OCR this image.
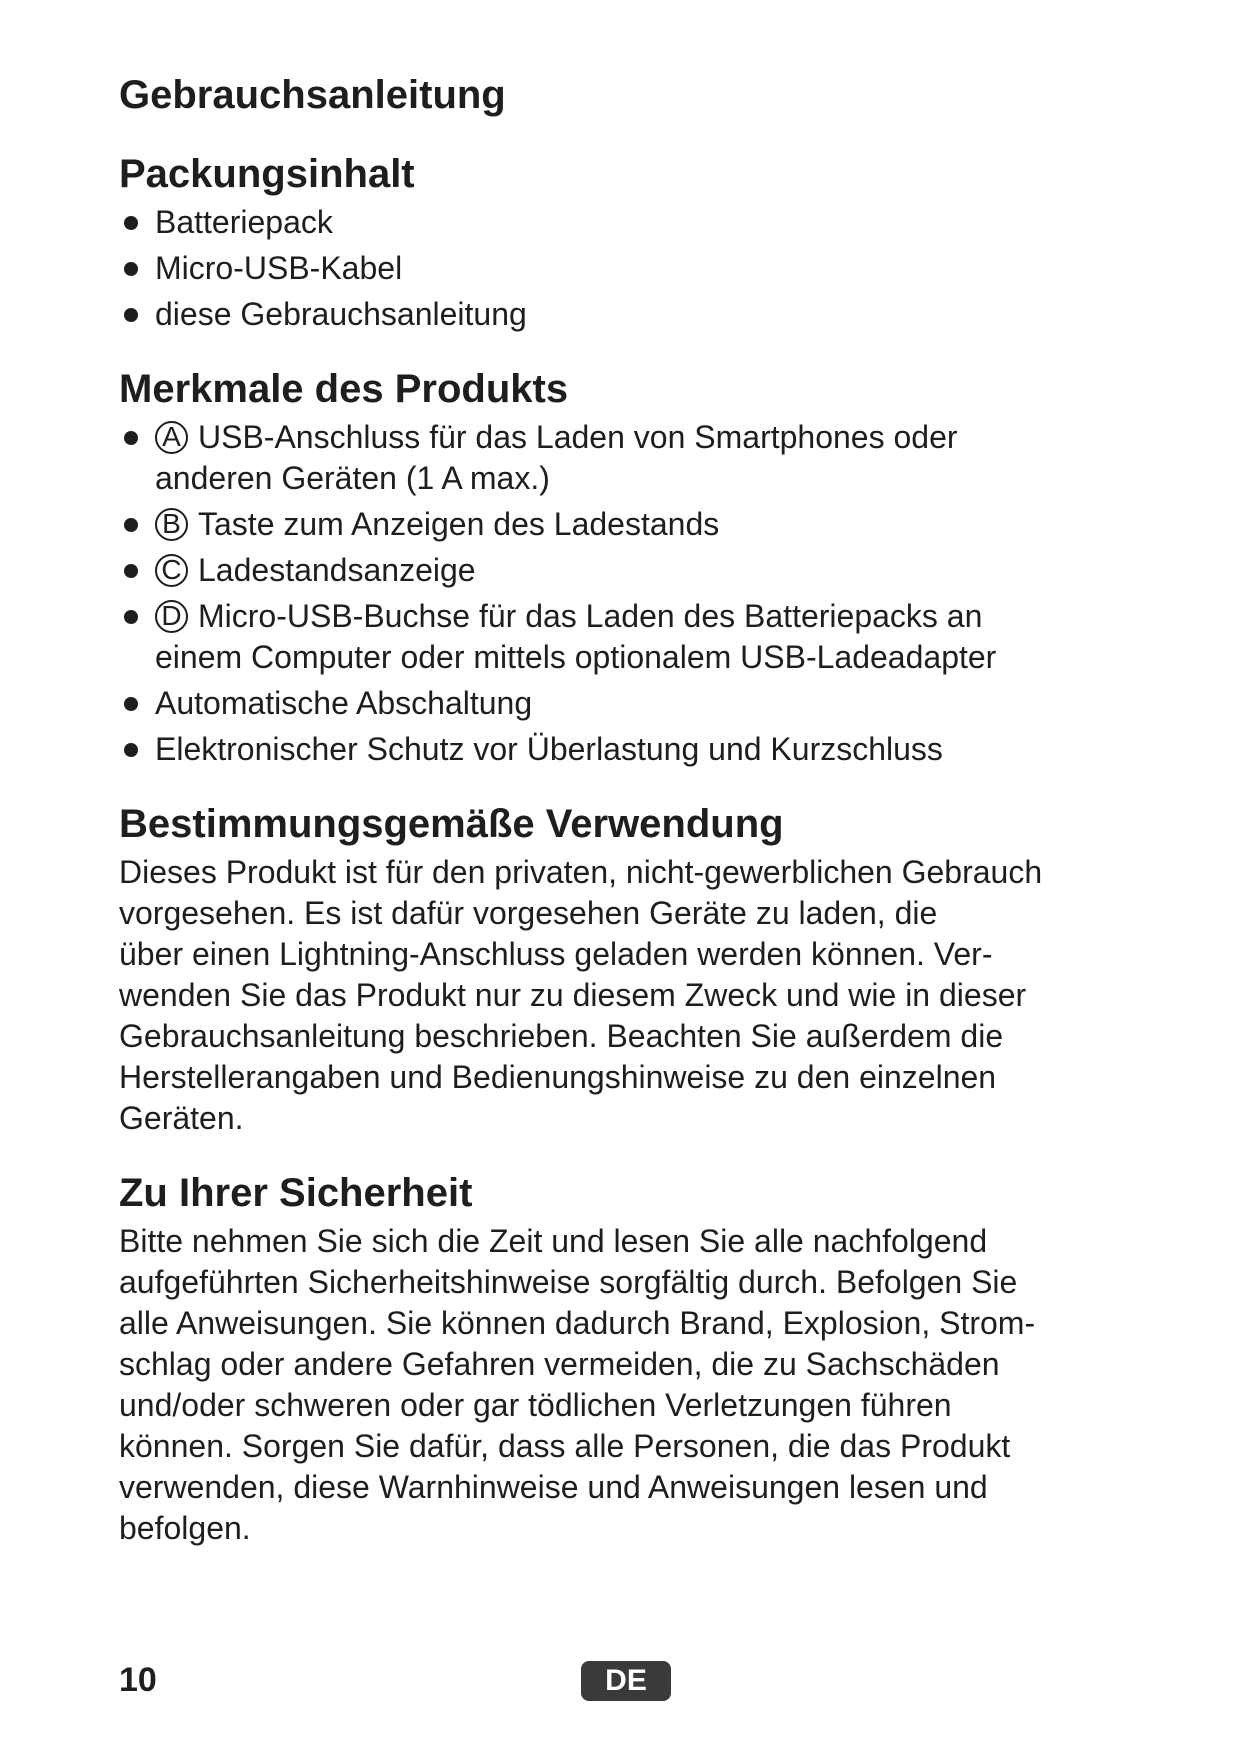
Gebrauchsanleitung
Packungsinhalt
Batteriepack
Micro-USB-Kabel
diese Gebrauchsanleitung
Merkmale des Produkts
A USB-Anschluss für das Laden von Smartphones oder
anderen Geräten (1 A max.)
B Taste zum Anzeigen des Ladestands
C Ladestandsanzeige
D Micro-USB-Buchse für das Laden des Batteriepacks an
einem Computer oder mittels optionalem USB-Ladeadapter
Automatische Abschaltung
Elektronischer Schutz vor Überlastung und Kurzschluss
Bestimmungsgemäße Verwendung

Dieses Produkt ist für den privaten, nicht-gewerblichen Gebrauch
vorgesehen. Es ist dafür vorgesehen Geräte zu laden, die
über einen Lightning-Anschluss geladen werden können. Ver-
wenden Sie das Produkt nur zu diesem Zweck und wie in dieser
Gebrauchsanleitung beschrieben. Beachten Sie außerdem die
Herstellerangaben und Bedienungshinweise zu den einzelnen
Geräten.

Zu Ihrer Sicherheit

Bitte nehmen Sie sich die Zeit und lesen Sie alle nachfolgend
aufgeführten Sicherheitshinweise sorgfältig durch. Befolgen Sie
alle Anweisungen. Sie können dadurch Brand, Explosion, Strom-
schlag oder andere Gefahren vermeiden, die zu Sachschäden
und/oder schweren oder gar tödlichen Verletzungen führen
können. Sorgen Sie dafür, dass alle Personen, die das Produkt
verwenden, diese Warnhinweise und Anweisungen lesen und
befolgen.

10	DE
